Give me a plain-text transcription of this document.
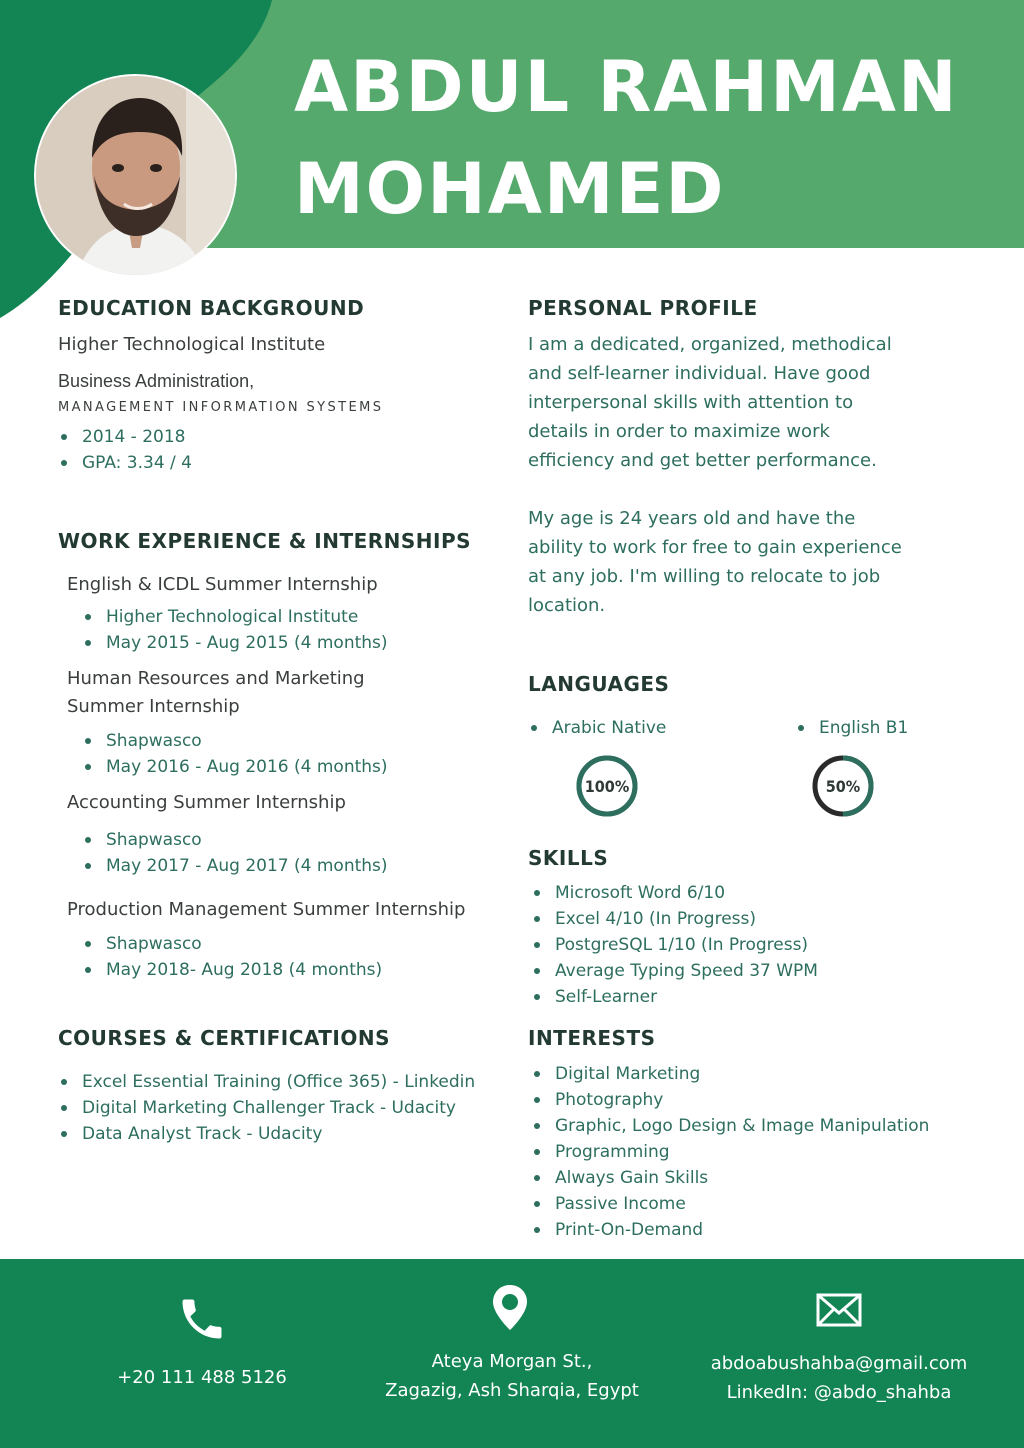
ABDUL RAHMAN
MOHAMED
EDUCATION BACKGROUND
Higher Technological Institute
Business Administration,
MANAGEMENT INFORMATION SYSTEMS
2014 - 2018
GPA: 3.34 / 4
WORK EXPERIENCE & INTERNSHIPS
English & ICDL Summer Internship
Higher Technological Institute
May 2015 - Aug 2015 (4 months)
Human Resources and Marketing
Summer Internship
Shapwasco
May 2016 - Aug 2016 (4 months)
Accounting Summer Internship
Shapwasco
May 2017 - Aug 2017 (4 months)
Production Management Summer Internship
Shapwasco
May 2018- Aug 2018 (4 months)
COURSES & CERTIFICATIONS
Excel Essential Training (Office 365) - Linkedin
Digital Marketing Challenger Track - Udacity
Data Analyst Track - Udacity
PERSONAL PROFILE

I am a dedicated, organized, methodical and self-learner individual. Have good interpersonal skills with attention to details in order to maximize work efficiency and get better performance.

My age is 24 years old and have the ability to work for free to gain experience at any job. I'm willing to relocate to job location.

LANGUAGES
Arabic Native	English B1
100%	50%
SKILLS
Microsoft Word 6/10
Excel 4/10 (In Progress)
PostgreSQL 1/10 (In Progress)
Average Typing Speed 37 WPM
Self-Learner
INTERESTS
Digital Marketing
Photography
Graphic, Logo Design & Image Manipulation
Programming
Always Gain Skills
Passive Income
Print-On-Demand
+20 111 488 5126
Ateya Morgan St.,
Zagazig, Ash Sharqia, Egypt
abdoabushahba@gmail.com
LinkedIn: @abdo_shahba
